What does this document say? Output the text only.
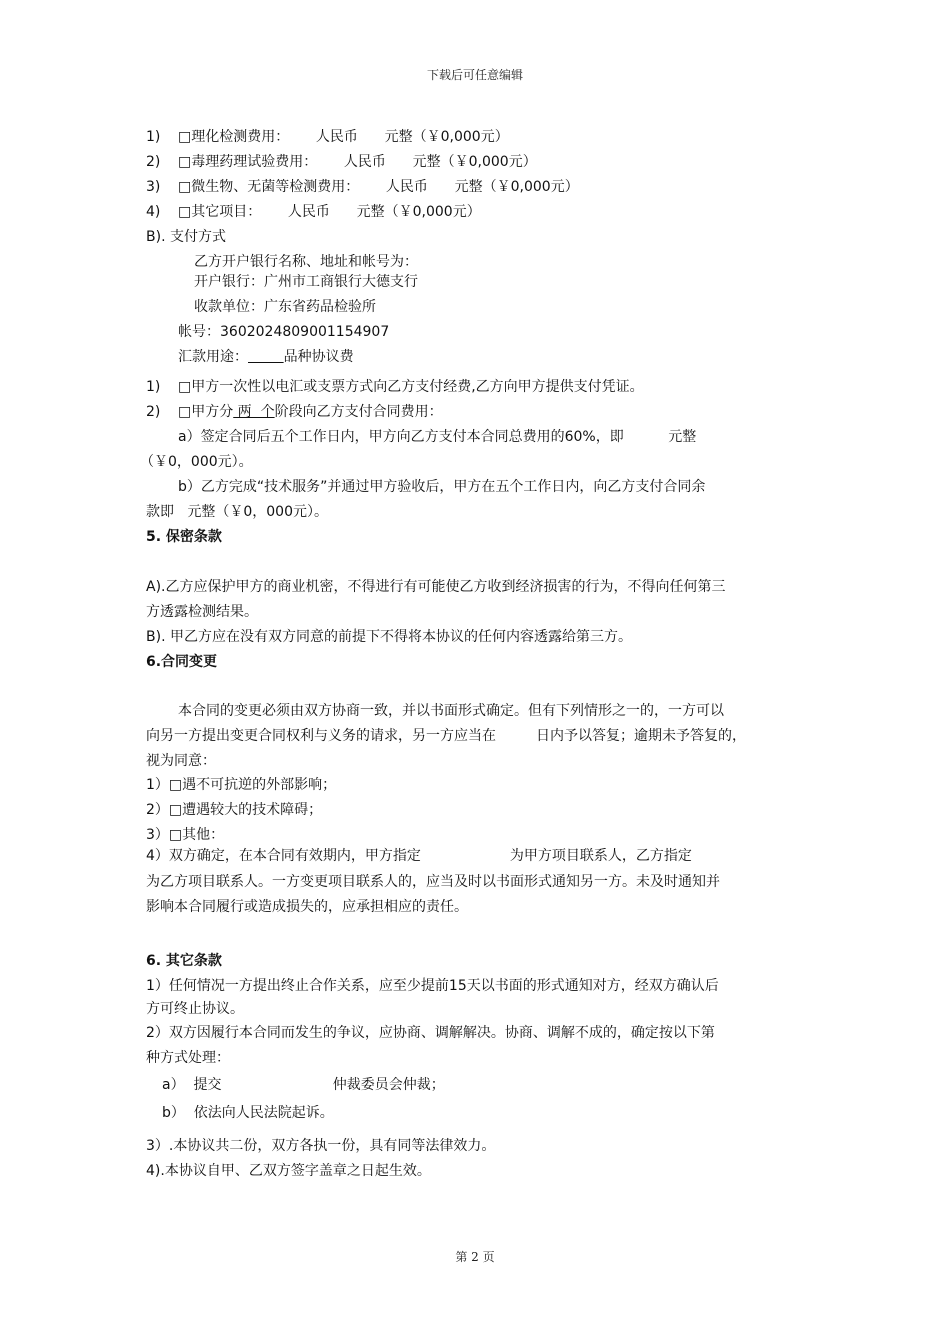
下载后可任意编辑
1) □理化检测费用：      人民币      元整（￥0,000元）
2) □毒理药理试验费用：      人民币      元整（￥0,000元）
3) □微生物、无菌等检测费用：      人民币      元整（￥0,000元）
4) □其它项目：      人民币      元整（￥0,000元）
B). 支付方式
乙方开户银行名称、地址和帐号为：
开户银行：广州市工商银行大德支行
收款单位：广东省药品检验所
帐号：3602024809001154907
汇款用途：	品种协议费
1) □甲方一次性以电汇或支票方式向乙方支付经费,乙方向甲方提供支付凭证。
2) □甲方分 两  个阶段向乙方支付合同费用：
a）签定合同后五个工作日内，甲方向乙方支付本合同总费用的60%，即          元整
（￥0，000元）。
b）乙方完成“技术服务”并通过甲方验收后，甲方在五个工作日内，向乙方支付合同余
款即   元整（￥0，000元）。
5. 保密条款
A).乙方应保护甲方的商业机密，不得进行有可能使乙方收到经济损害的行为，不得向任何第三
方透露检测结果。
B). 甲乙方应在没有双方同意的前提下不得将本协议的任何内容透露给第三方。
6.合同变更
本合同的变更必须由双方协商一致，并以书面形式确定。但有下列情形之一的，一方可以
向另一方提出变更合同权利与义务的请求，另一方应当在         日内予以答复；逾期未予答复的，
视为同意：
1）□遇不可抗逆的外部影响；
2）□遭遇较大的技术障碍；
3）□其他：
4）双方确定，在本合同有效期内，甲方指定                    为甲方项目联系人，乙方指定
为乙方项目联系人。一方变更项目联系人的，应当及时以书面形式通知另一方。未及时通知并
影响本合同履行或造成损失的，应承担相应的责任。
6. 其它条款
1）任何情况一方提出终止合作关系，应至少提前15天以书面的形式通知对方，经双方确认后
方可终止协议。
2）双方因履行本合同而发生的争议，应协商、调解解决。协商、调解不成的，确定按以下第
种方式处理：
a）  提交                         仲裁委员会仲裁；
b）  依法向人民法院起诉。
3）.本协议共二份，双方各执一份，具有同等法律效力。
4).本协议自甲、乙双方签字盖章之日起生效。
第 2 页
